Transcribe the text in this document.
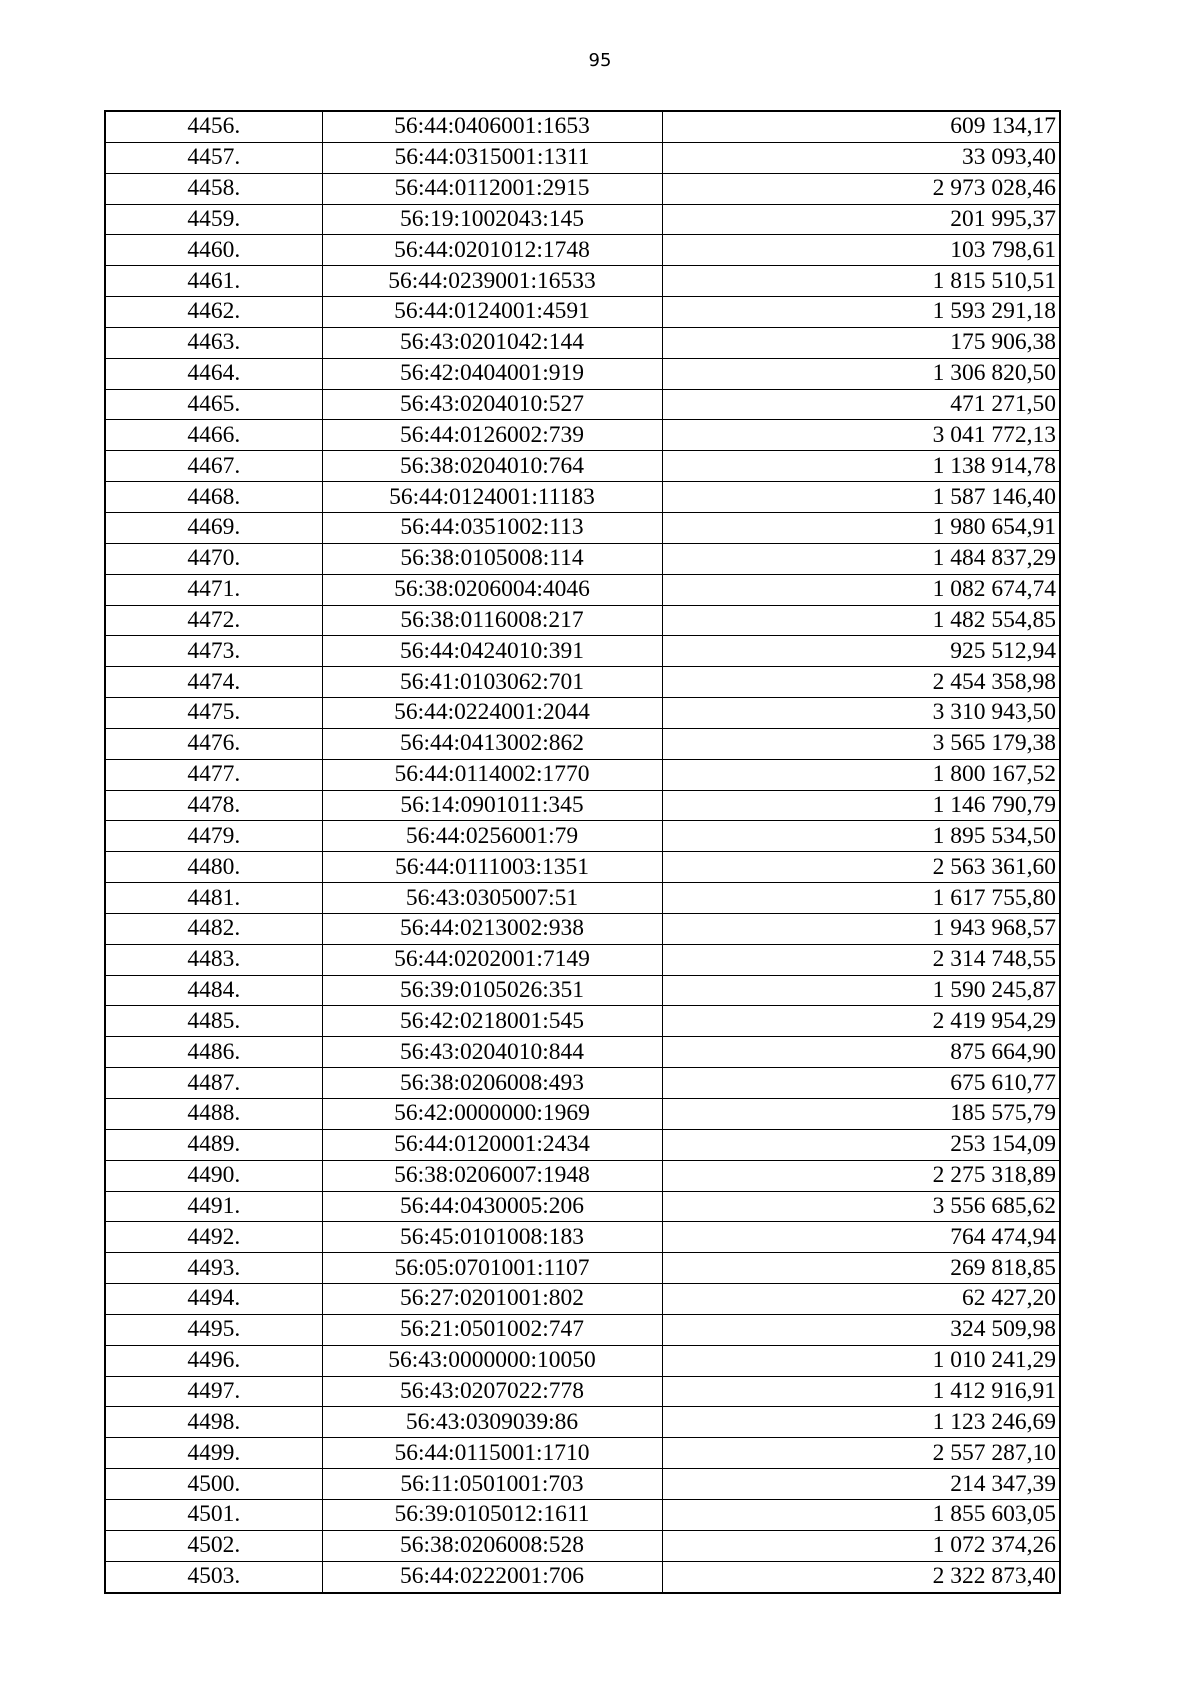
95
4456.	56:44:0406001:1653	609 134,17
4457.	56:44:0315001:1311	33 093,40
4458.	56:44:0112001:2915	2 973 028,46
4459.	56:19:1002043:145	201 995,37
4460.	56:44:0201012:1748	103 798,61
4461.	56:44:0239001:16533	1 815 510,51
4462.	56:44:0124001:4591	1 593 291,18
4463.	56:43:0201042:144	175 906,38
4464.	56:42:0404001:919	1 306 820,50
4465.	56:43:0204010:527	471 271,50
4466.	56:44:0126002:739	3 041 772,13
4467.	56:38:0204010:764	1 138 914,78
4468.	56:44:0124001:11183	1 587 146,40
4469.	56:44:0351002:113	1 980 654,91
4470.	56:38:0105008:114	1 484 837,29
4471.	56:38:0206004:4046	1 082 674,74
4472.	56:38:0116008:217	1 482 554,85
4473.	56:44:0424010:391	925 512,94
4474.	56:41:0103062:701	2 454 358,98
4475.	56:44:0224001:2044	3 310 943,50
4476.	56:44:0413002:862	3 565 179,38
4477.	56:44:0114002:1770	1 800 167,52
4478.	56:14:0901011:345	1 146 790,79
4479.	56:44:0256001:79	1 895 534,50
4480.	56:44:0111003:1351	2 563 361,60
4481.	56:43:0305007:51	1 617 755,80
4482.	56:44:0213002:938	1 943 968,57
4483.	56:44:0202001:7149	2 314 748,55
4484.	56:39:0105026:351	1 590 245,87
4485.	56:42:0218001:545	2 419 954,29
4486.	56:43:0204010:844	875 664,90
4487.	56:38:0206008:493	675 610,77
4488.	56:42:0000000:1969	185 575,79
4489.	56:44:0120001:2434	253 154,09
4490.	56:38:0206007:1948	2 275 318,89
4491.	56:44:0430005:206	3 556 685,62
4492.	56:45:0101008:183	764 474,94
4493.	56:05:0701001:1107	269 818,85
4494.	56:27:0201001:802	62 427,20
4495.	56:21:0501002:747	324 509,98
4496.	56:43:0000000:10050	1 010 241,29
4497.	56:43:0207022:778	1 412 916,91
4498.	56:43:0309039:86	1 123 246,69
4499.	56:44:0115001:1710	2 557 287,10
4500.	56:11:0501001:703	214 347,39
4501.	56:39:0105012:1611	1 855 603,05
4502.	56:38:0206008:528	1 072 374,26
4503.	56:44:0222001:706	2 322 873,40
